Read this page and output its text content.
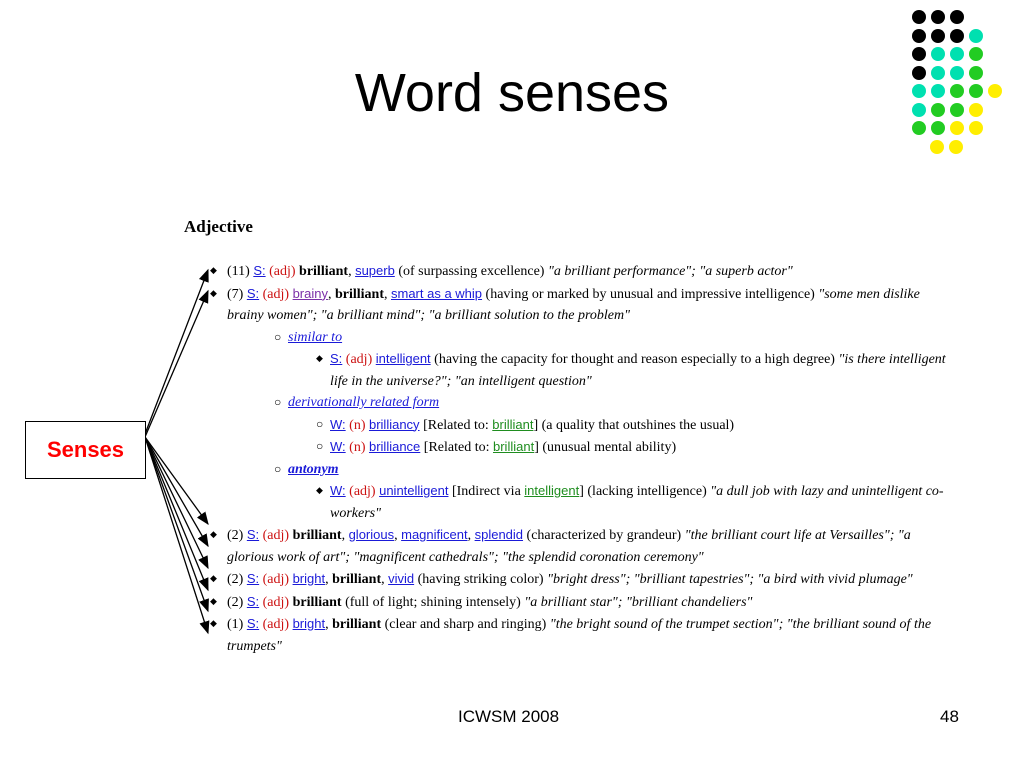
Word senses
Adjective
◆ (11) S: (adj) brilliant, superb (of surpassing excellence) "a brilliant performance"; "a superb actor"
◆ (7) S: (adj) brainy, brilliant, smart as a whip (having or marked by unusual and impressive intelligence) "some men dislike brainy women"; "a brilliant mind"; "a brilliant solution to the problem"
○ similar to
◆ S: (adj) intelligent (having the capacity for thought and reason especially to a high degree) "is there intelligent life in the universe?"; "an intelligent question"
○ derivationally related form
○ W: (n) brilliancy [Related to: brilliant] (a quality that outshines the usual)
○ W: (n) brilliance [Related to: brilliant] (unusual mental ability)
○ antonym
◆ W: (adj) unintelligent [Indirect via intelligent] (lacking intelligence) "a dull job with lazy and unintelligent co-workers"
◆ (2) S: (adj) brilliant, glorious, magnificent, splendid (characterized by grandeur) "the brilliant court life at Versailles"; "a glorious work of art"; "magnificent cathedrals"; "the splendid coronation ceremony"
◆ (2) S: (adj) bright, brilliant, vivid (having striking color) "bright dress"; "brilliant tapestries"; "a bird with vivid plumage"
◆ (2) S: (adj) brilliant (full of light; shining intensely) "a brilliant star"; "brilliant chandeliers"
◆ (1) S: (adj) bright, brilliant (clear and sharp and ringing) "the bright sound of the trumpet section"; "the brilliant sound of the trumpets"
Senses
ICWSM 2008	48
